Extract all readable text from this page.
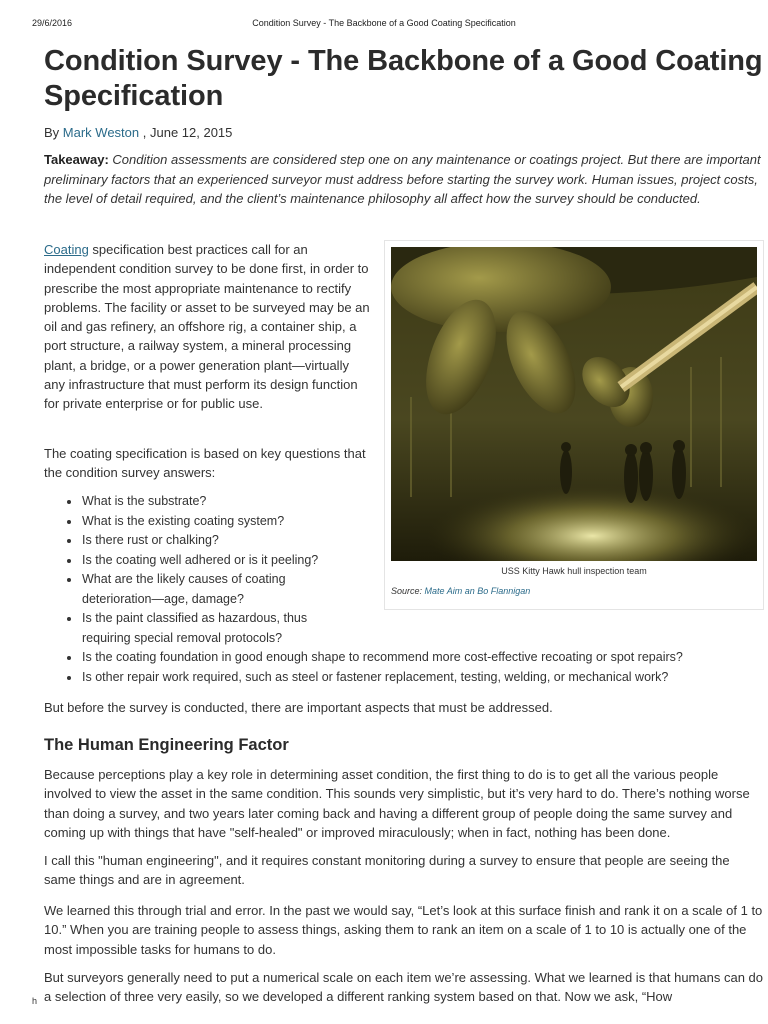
29/6/2016	Condition Survey - The Backbone of a Good Coating Specification
Condition Survey - The Backbone of a Good Coating Specification
By Mark Weston , June 12, 2015
Takeaway: Condition assessments are considered step one on any maintenance or coatings project. But there are important preliminary factors that an experienced surveyor must address before starting the survey work. Human issues, project costs, the level of detail required, and the client’s maintenance philosophy all affect how the survey should be conducted.

Coating specification best practices call for an independent condition survey to be done first, in order to prescribe the most appropriate maintenance to rectify problems. The facility or asset to be surveyed may be an oil and gas refinery, an offshore rig, a container ship, a port structure, a railway system, a mineral processing plant, a bridge, or a power generation plant—virtually any infrastructure that must perform its design function for private enterprise or for public use.

USS Kitty Hawk hull inspection team
Source: Mate Aim an Bo Flannigan

The coating specification is based on key questions that the condition survey answers:

What is the substrate?
What is the existing coating system?
Is there rust or chalking?
Is the coating well adhered or is it peeling?
What are the likely causes of coating deterioration—age, damage?
Is the paint classified as hazardous, thus requiring special removal protocols?
Is the coating foundation in good enough shape to recommend more cost-effective recoating or spot repairs?
Is other repair work required, such as steel or fastener replacement, testing, welding, or mechanical work?

But before the survey is conducted, there are important aspects that must be addressed.

The Human Engineering Factor

Because perceptions play a key role in determining asset condition, the first thing to do is to get all the various people involved to view the asset in the same condition. This sounds very simplistic, but it’s very hard to do. There’s nothing worse than doing a survey, and two years later coming back and having a different group of people doing the same survey and coming up with things that have "self-healed" or improved miraculously; when in fact, nothing has been done.

I call this "human engineering", and it requires constant monitoring during a survey to ensure that people are seeing the same things and are in agreement.

We learned this through trial and error. In the past we would say, “Let’s look at this surface finish and rank it on a scale of 1 to 10.” When you are training people to assess things, asking them to rank an item on a scale of 1 to 10 is actually one of the most impossible tasks for humans to do.

But surveyors generally need to put a numerical scale on each item we’re assessing. What we learned is that humans can do a selection of three very easily, so we developed a different ranking system based on that. Now we ask, “How

h
